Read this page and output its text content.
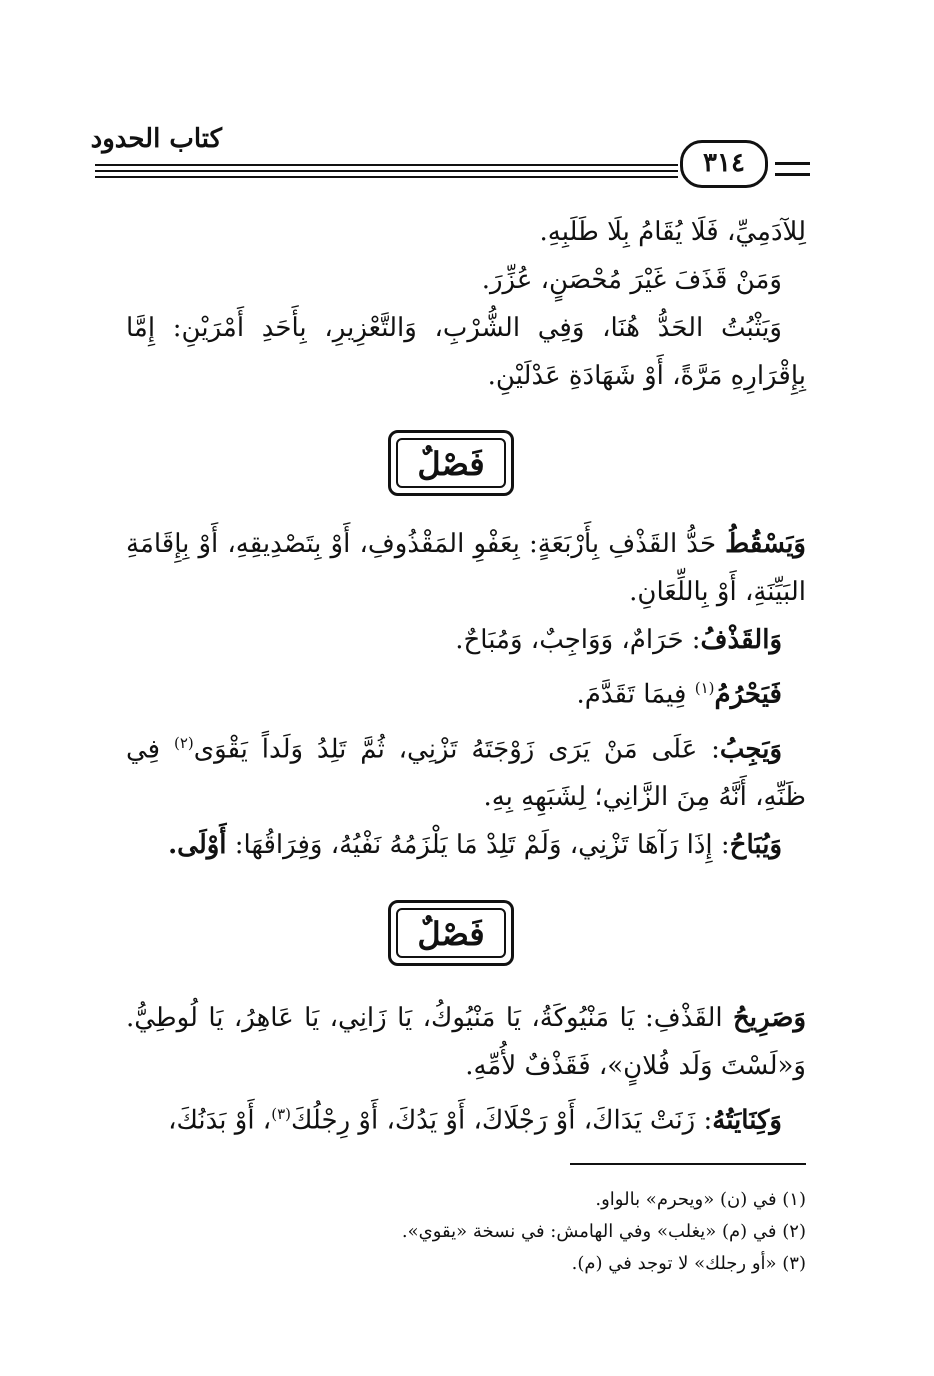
كتاب الحدود
٣١٤

لِلآدَمِيِّ، فَلَا يُقَامُ بِلَا طَلَبِهِ.

وَمَنْ قَذَفَ غَيْرَ مُحْصَنٍ، عُزِّرَ.

وَيَثْبُتُ الحَدُّ هُنَا، وَفِي الشُّرْبِ، وَالتَّعْزِيرِ، بِأَحَدِ أَمْرَيْنِ: إِمَّا بِإِقْرَارِهِ مَرَّةً، أَوْ شَهَادَةِ عَدْلَيْنِ.

فَصْلٌ

وَيَسْقُطُ حَدُّ القَذْفِ بِأَرْبَعَةٍ: بِعَفْوِ المَقْذُوفِ، أَوْ بِتَصْدِيقِهِ، أَوْ بِإِقَامَةِ البَيِّنَةِ، أَوْ بِاللِّعَانِ.

وَالقَذْفُ: حَرَامٌ، وَوَاجِبٌ، وَمُبَاحٌ.

فَيَحْرُمُ$^{(١)}$ فِيمَا تَقَدَّمَ.

وَيَجِبُ: عَلَى مَنْ يَرَى زَوْجَتَهُ تَزْنِي، ثُمَّ تَلِدُ وَلَداً يَقْوَى$^{(٢)}$ فِي ظَنِّهِ، أَنَّهُ مِنَ الزَّانِي؛ لِشَبَهِهِ بِهِ.

وَيُبَاحُ: إِذَا رَآهَا تَزْنِي، وَلَمْ تَلِدْ مَا يَلْزَمُهُ نَفْيُهُ، وَفِرَاقُهَا: أَوْلَى.

فَصْلٌ

وَصَرِيحُ القَذْفِ: يَا مَنْيُوكَةُ، يَا مَنْيُوكُ، يَا زَانِي، يَا عَاهِرُ، يَا لُوطِيُّ. وَ«لَسْتَ وَلَد فُلانٍ»، فَقَذْفٌ لأُمِّهِ.

وَكِنَايَتُهُ: زَنَتْ يَدَاكَ، أَوْ رَجْلَاكَ، أَوْ يَدُكَ، أَوْ رِجْلُكَ$^{(٣)}$، أَوْ بَدَنُكَ،

(١) في (ن) «ويحرم» بالواو.

(٢) في (م) «يغلب» وفي الهامش: في نسخة «يقوي».

(٣) «أو رجلك» لا توجد في (م).
